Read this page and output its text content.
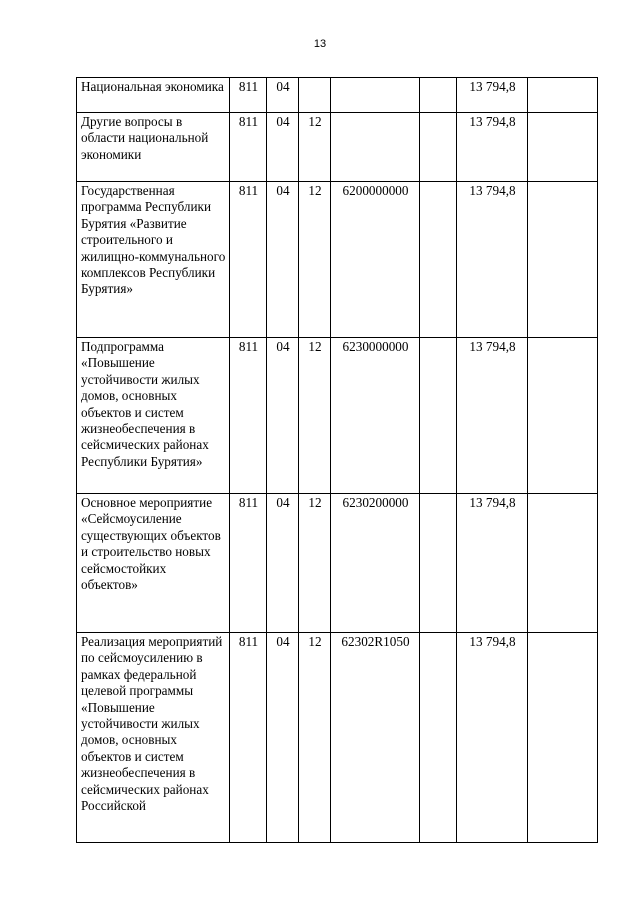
13
Национальная экономика	811	04				13 794,8	
Другие вопросы в области национальной экономики	811	04	12			13 794,8	
Государственная программа Республики Бурятия «Развитие строительного и жилищно-коммунального комплексов Республики Бурятия»	811	04	12	6200000000		13 794,8	
Подпрограмма «Повышение устойчивости жилых домов, основных объектов и систем жизнеобеспечения в сейсмических районах Республики Бурятия»	811	04	12	6230000000		13 794,8	
Основное мероприятие «Сейсмоусиление существующих объектов и строительство новых сейсмостойких объектов»	811	04	12	6230200000		13 794,8	
Реализация мероприятий по сейсмоусилению в рамках федеральной целевой программы «Повышение устойчивости жилых домов, основных объектов и систем жизнеобеспечения в сейсмических районах Российской	811	04	12	62302R1050		13 794,8	
